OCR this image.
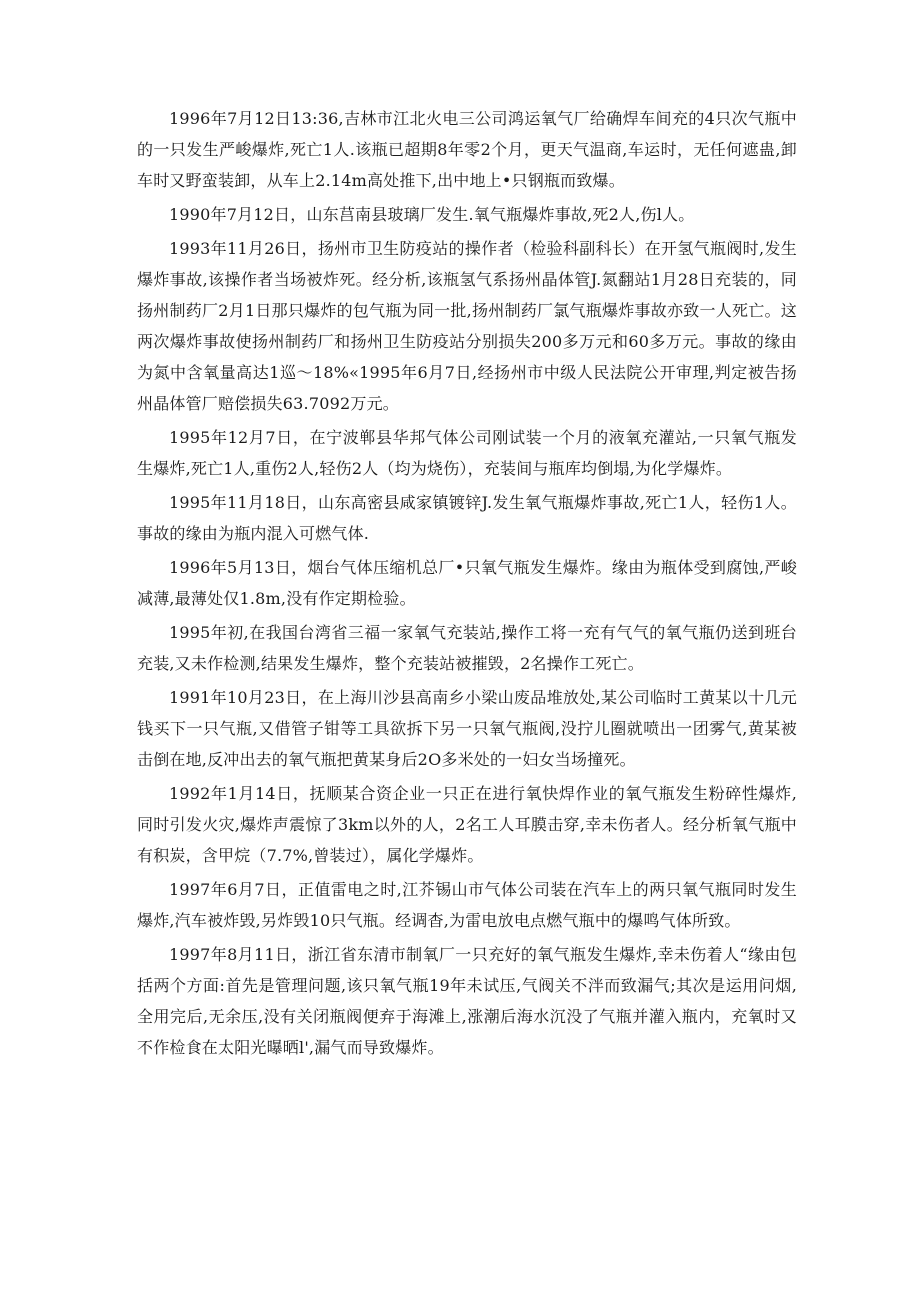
1996年7月12日13:36,吉林市江北火电三公司鸿运氧气厂给确焊车间充的4只次气瓶中的一只发生严峻爆炸,死亡1人.该瓶已超期8年零2个月，更天气温商,车运时，无任何遮蛊,卸车时又野蛮装卸，从车上2.14m高处推下,出中地上•只钢瓶而致爆。

1990年7月12日，山东莒南县玻璃厂发生.氧气瓶爆炸事故,死2人,伤l人。

1993年11月26日，扬州市卫生防疫站的操作者（检验科副科长）在开氢气瓶阀时,发生爆炸事故,该操作者当场被炸死。经分析,该瓶氢气系扬州晶体管J.氮翻站1月28日充装的，同扬州制药厂2月1日那只爆炸的包气瓶为同一批,扬州制药厂氯气瓶爆炸事故亦致一人死亡。这两次爆炸事故使扬州制药厂和扬州卫生防疫站分别损失200多万元和60多万元。事故的缘由为氮中含氧量高达1巡～18%«1995年6月7日,经扬州市中级人民法院公开审理,判定被告扬州晶体管厂赔偿损失63.7092万元。

1995年12月7日，在宁波郸县华邦气体公司刚试装一个月的液氧充灌站,一只氧气瓶发生爆炸,死亡1人,重伤2人,轻伤2人（均为烧伤），充装间与瓶库均倒塌,为化学爆炸。

1995年11月18日，山东高密县咸家镇镀锌J.发生氧气瓶爆炸事故,死亡1人，轻伤1人。事故的缘由为瓶内混入可燃气体.

1996年5月13日，烟台气体压缩机总厂•只氧气瓶发生爆炸。缘由为瓶体受到腐蚀,严峻减薄,最薄处仅1.8m,没有作定期检验。

1995年初,在我国台湾省三福一家氧气充装站,操作工将一充有气气的氧气瓶仍送到班台充装,又未作检测,结果发生爆炸，整个充装站被摧毁，2名操作工死亡。

1991年10月23日，在上海川沙县高南乡小梁山废品堆放处,某公司临时工黄某以十几元钱买下一只气瓶,又借管子钳等工具欲拆下另一只氧气瓶阀,没拧儿圈就喷出一团雾气,黄某被击倒在地,反冲出去的氧气瓶把黄某身后2O多米处的一妇女当场撞死。

1992年1月14日，抚顺某合资企业一只正在进行氧快焊作业的氧气瓶发生粉碎性爆炸,同时引发火灾,爆炸声震惊了3km以外的人，2名工人耳膜击穿,幸未伤者人。经分析氧气瓶中有积炭，含甲烷（7.7%,曾装过），属化学爆炸。

1997年6月7日，正值雷电之时,江芥锡山市气体公司装在汽车上的两只氧气瓶同时发生爆炸,汽车被炸毁,另炸毁10只气瓶。经调杳,为雷电放电点燃气瓶中的爆鸣气体所致。

1997年8月11日，浙江省东清市制氧厂一只充好的氧气瓶发生爆炸,幸未伤着人“缘由包括两个方面:首先是管理问题,该只氧气瓶19年未试压,气阀关不泮而致漏气;其次是运用问烟,全用完后,无余压,没有关闭瓶阀便弃于海滩上,涨潮后海水沉没了气瓶并灌入瓶内，充氧时又不作检食在太阳光曝晒l',漏气而导致爆炸。
